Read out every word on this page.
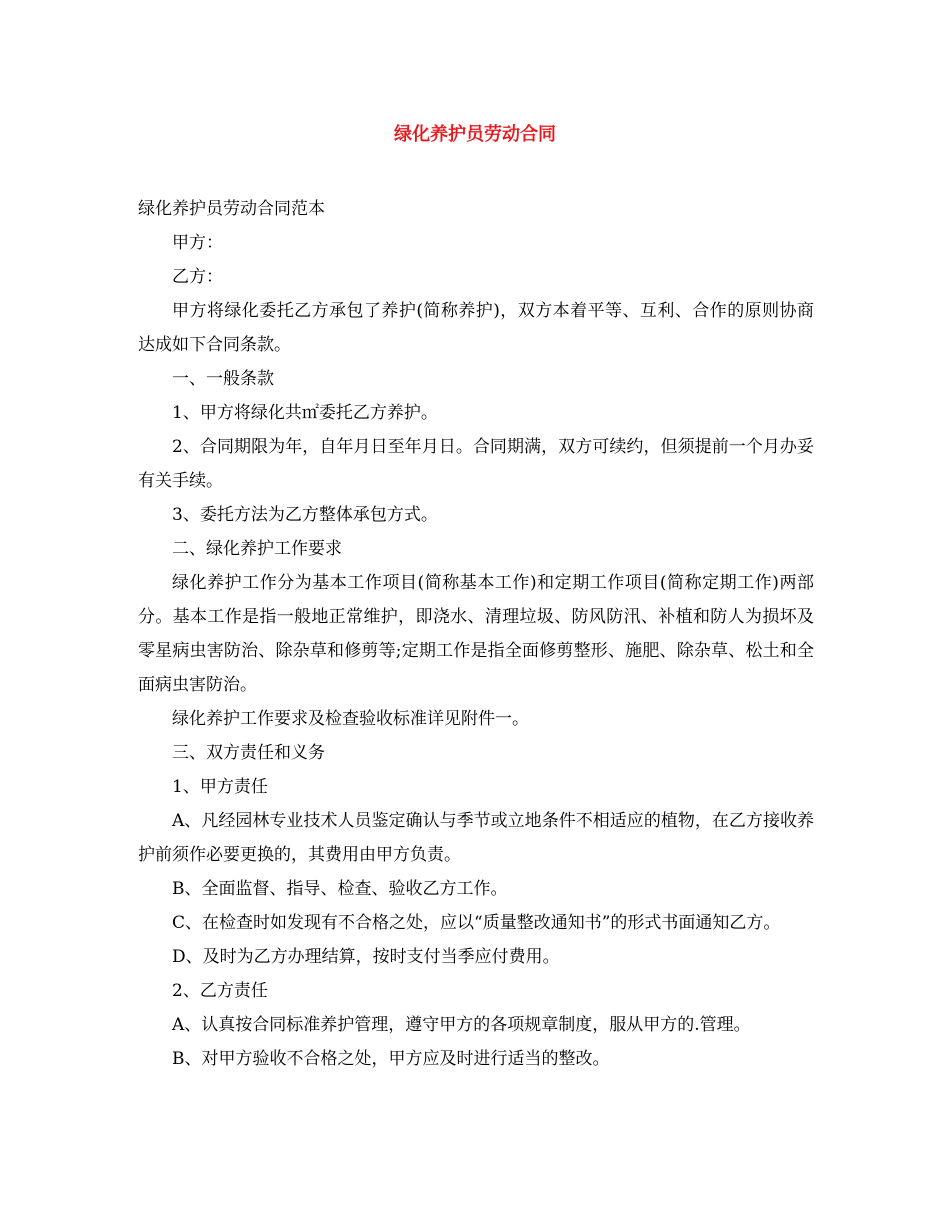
绿化养护员劳动合同

绿化养护员劳动合同范本

甲方：

乙方：

甲方将绿化委托乙方承包了养护(简称养护)，双方本着平等、互利、合作的原则协商达成如下合同条款。

一、一般条款

1、甲方将绿化共㎡委托乙方养护。

2、合同期限为年，自年月日至年月日。合同期满，双方可续约，但须提前一个月办妥有关手续。

3、委托方法为乙方整体承包方式。

二、绿化养护工作要求

绿化养护工作分为基本工作项目(简称基本工作)和定期工作项目(简称定期工作)两部分。基本工作是指一般地正常维护，即浇水、清理垃圾、防风防汛、补植和防人为损坏及零星病虫害防治、除杂草和修剪等;定期工作是指全面修剪整形、施肥、除杂草、松土和全面病虫害防治。

绿化养护工作要求及检查验收标准详见附件一。

三、双方责任和义务

1、甲方责任

A、凡经园林专业技术人员鉴定确认与季节或立地条件不相适应的植物，在乙方接收养护前须作必要更换的，其费用由甲方负责。

B、全面监督、指导、检查、验收乙方工作。

C、在检查时如发现有不合格之处，应以“质量整改通知书”的形式书面通知乙方。

D、及时为乙方办理结算，按时支付当季应付费用。

2、乙方责任

A、认真按合同标准养护管理，遵守甲方的各项规章制度，服从甲方的.管理。

B、对甲方验收不合格之处，甲方应及时进行适当的整改。
